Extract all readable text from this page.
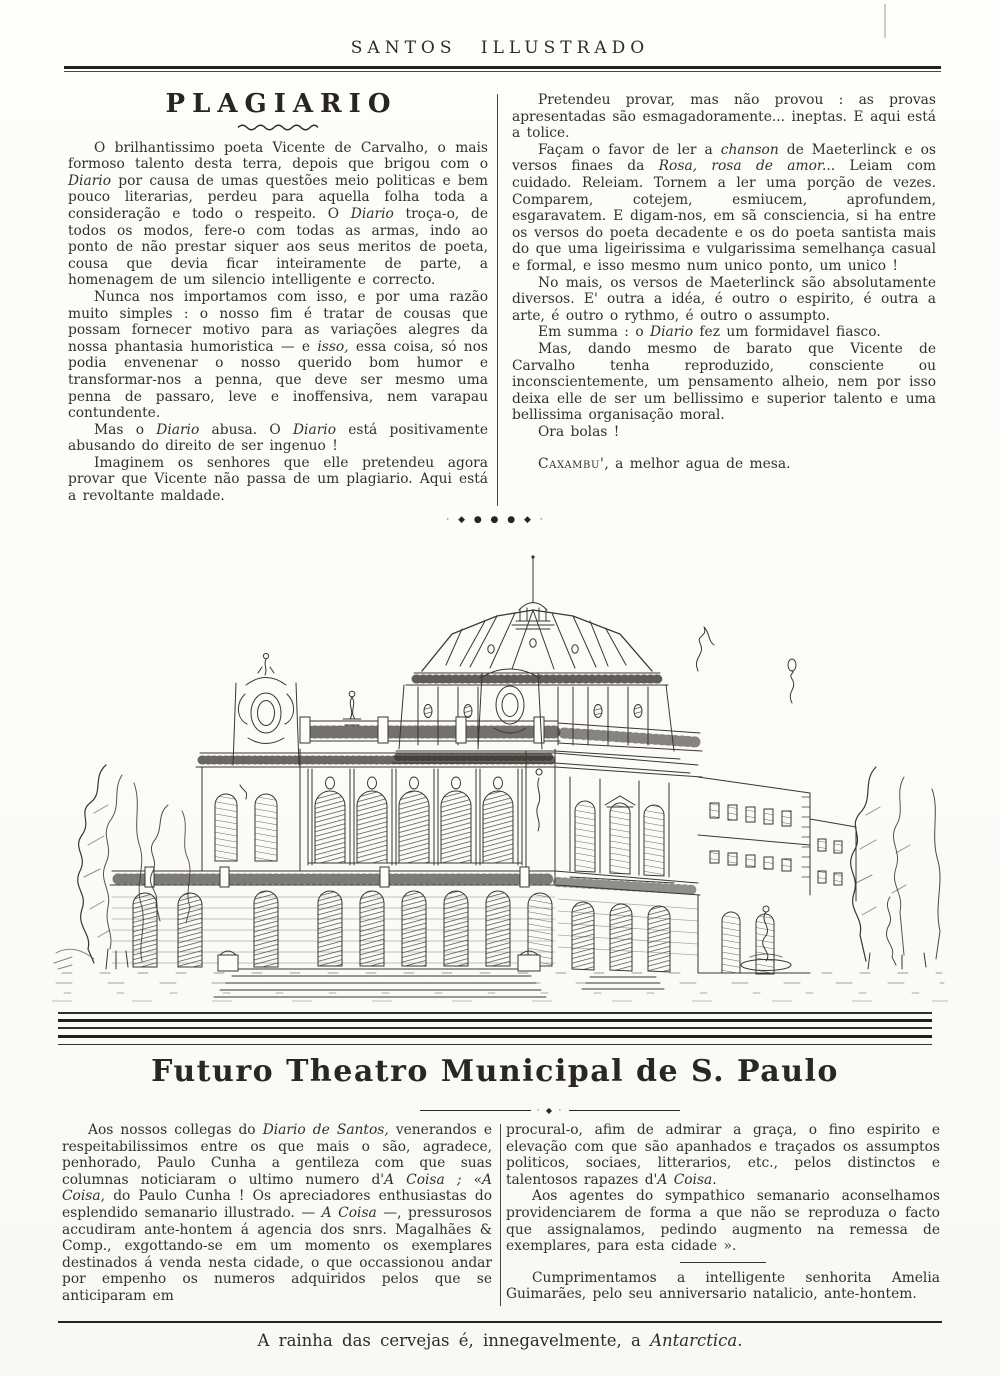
SANTOS ILLUSTRADO
PLAGIARIO

O brilhantissimo poeta Vicente de Carvalho, o mais formoso talento desta terra, depois que brigou com o Diario por causa de umas questões meio politicas e bem pouco literarias, perdeu para aquella folha toda a consideração e todo o respeito. O Diario troça-o, de todos os modos, fere-o com todas as armas, indo ao ponto de não prestar siquer aos seus meritos de poeta, cousa que devia ficar inteiramente de parte, a homenagem de um silencio intelligente e correcto.

Nunca nos importamos com isso, e por uma razão muito simples : o nosso fim é tratar de cousas que possam fornecer motivo para as variações alegres da nossa phantasia humoristica — e isso, essa coisa, só nos podia envenenar o nosso querido bom humor e transformar-nos a penna, que deve ser mesmo uma penna de passaro, leve e inoffensiva, nem varapau contundente.

Mas o Diario abusa. O Diario está positivamente abusando do direito de ser ingenuo !

Imaginem os senhores que elle pretendeu agora provar que Vicente não passa de um plagiario. Aqui está a revoltante maldade.

Pretendeu provar, mas não provou : as provas apresentadas são esmagadoramente... ineptas. E aqui está a tolice.

Façam o favor de ler a chanson de Maeterlinck e os versos finaes da Rosa, rosa de amor... Leiam com cuidado. Releiam. Tornem a ler uma porção de vezes. Comparem, cotejem, esmiucem, aprofundem, esgaravatem. E digam-nos, em sã consciencia, si ha entre os versos do poeta decadente e os do poeta santista mais do que uma ligeirissima e vulgarissima semelhança casual e formal, e isso mesmo num unico ponto, um unico !

No mais, os versos de Maeterlinck são absolutamente diversos. E' outra a idéa, é outro o espirito, é outra a arte, é outro o rythmo, é outro o assumpto.

Em summa : o Diario fez um formidavel fiasco.

Mas, dando mesmo de barato que Vicente de Carvalho tenha reproduzido, consciente ou inconscientemente, um pensamento alheio, nem por isso deixa elle de ser um bellissimo e superior talento e uma bellissima organisação moral.

Ora bolas !

Caxambu', a melhor agua de mesa.

· ◆ ● ● ● ◆ ·
Futuro Theatro Municipal de S. Paulo
· ◆ ·

Aos nossos collegas do Diario de Santos, venerandos e respeitabilissimos entre os que mais o são, agradece, penhorado, Paulo Cunha a gentileza com que suas columnas noticiaram o ultimo numero d'A Coisa ; «A Coisa, do Paulo Cunha ! Os apreciadores enthusiastas do esplendido semanario illustrado. — A Coisa —, pressurosos accudiram ante-hontem á agencia dos snrs. Magalhães & Comp., exgottando-se em um momento os exemplares destinados á venda nesta cidade, o que occassionou andar por empenho os numeros adquiridos pelos que se anticiparam em

procural-o, afim de admirar a graça, o fino espirito e elevação com que são apanhados e traçados os assumptos politicos, sociaes, litterarios, etc., pelos distinctos e talentosos rapazes d'A Coisa.

Aos agentes do sympathico semanario aconselhamos providenciarem de forma a que não se reproduza o facto que assignalamos, pedindo augmento na remessa de exemplares, para esta cidade ».

Cumprimentamos a intelligente senhorita Amelia Guimarães, pelo seu anniversario natalicio, ante-hontem.

A rainha das cervejas é, innegavelmente, a Antarctica.
